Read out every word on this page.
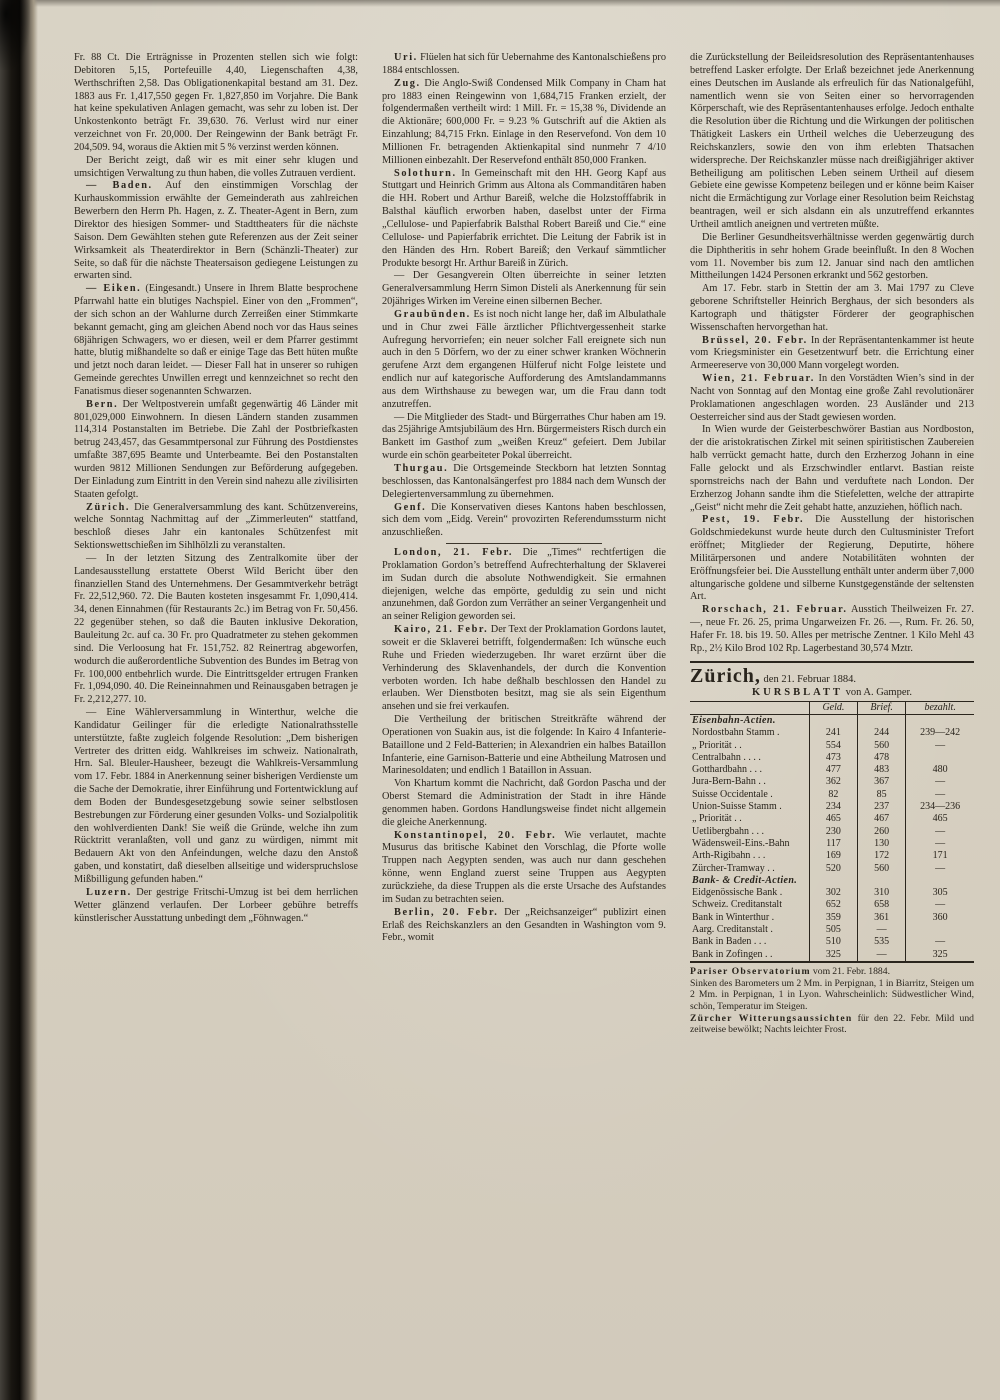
Fr. 88 Ct. Die Erträgnisse in Prozenten stellen sich wie folgt: Debitoren 5,15, Portefeuille 4,40, Liegenschaften 4,38, Werthschriften 2,58. Das Obligationenkapital bestand am 31. Dez. 1883 aus Fr. 1,417,550 gegen Fr. 1,827,850 im Vorjahre. Die Bank hat keine spekulativen Anlagen gemacht, was sehr zu loben ist. Der Unkostenkonto beträgt Fr. 39,630. 76. Verlust wird nur einer verzeichnet von Fr. 20,000. Der Reingewinn der Bank beträgt Fr. 204,509. 94, woraus die Aktien mit 5 % verzinst werden können.

Der Bericht zeigt, daß wir es mit einer sehr klugen und umsichtigen Verwaltung zu thun haben, die volles Zutrauen verdient.

— Baden. Auf den einstimmigen Vorschlag der Kurhauskommission erwählte der Gemeinderath aus zahlreichen Bewerbern den Herrn Ph. Hagen, z. Z. Theater-Agent in Bern, zum Direktor des hiesigen Sommer- und Stadttheaters für die nächste Saison. Dem Gewählten stehen gute Referenzen aus der Zeit seiner Wirksamkeit als Theaterdirektor in Bern (Schänzli-Theater) zur Seite, so daß für die nächste Theatersaison gediegene Leistungen zu erwarten sind.

— Eiken. (Eingesandt.) Unsere in Ihrem Blatte besprochene Pfarrwahl hatte ein blutiges Nachspiel. Einer von den „Frommen“, der sich schon an der Wahlurne durch Zerreißen einer Stimmkarte bekannt gemacht, ging am gleichen Abend noch vor das Haus seines 68jährigen Schwagers, wo er diesen, weil er dem Pfarrer gestimmt hatte, blutig mißhandelte so daß er einige Tage das Bett hüten mußte und jetzt noch daran leidet. — Dieser Fall hat in unserer so ruhigen Gemeinde gerechtes Unwillen erregt und kennzeichnet so recht den Fanatismus dieser sogenannten Schwarzen.

Bern. Der Weltpostverein umfaßt gegenwärtig 46 Länder mit 801,029,000 Einwohnern. In diesen Ländern standen zusammen 114,314 Postanstalten im Betriebe. Die Zahl der Postbriefkasten betrug 243,457, das Gesammtpersonal zur Führung des Postdienstes umfaßte 387,695 Beamte und Unterbeamte. Bei den Postanstalten wurden 9812 Millionen Sendungen zur Beförderung aufgegeben. Der Einladung zum Eintritt in den Verein sind nahezu alle zivilisirten Staaten gefolgt.

Zürich. Die Generalversammlung des kant. Schützenvereins, welche Sonntag Nachmittag auf der „Zimmerleuten“ stattfand, beschloß dieses Jahr ein kantonales Schützenfest mit Sektionswettschießen im Sihlhölzli zu veranstalten.

— In der letzten Sitzung des Zentralkomite über der Landesausstellung erstattete Oberst Wild Bericht über den finanziellen Stand des Unternehmens. Der Gesammtverkehr beträgt Fr. 22,512,960. 72. Die Bauten kosteten insgesammt Fr. 1,090,414. 34, denen Einnahmen (für Restaurants 2c.) im Betrag von Fr. 50,456. 22 gegenüber stehen, so daß die Bauten inklusive Dekoration, Bauleitung 2c. auf ca. 30 Fr. pro Quadratmeter zu stehen gekommen sind. Die Verloosung hat Fr. 151,752. 82 Reinertrag abgeworfen, wodurch die außerordentliche Subvention des Bundes im Betrag von Fr. 100,000 entbehrlich wurde. Die Eintrittsgelder ertrugen Franken Fr. 1,094,090. 40. Die Reineinnahmen und Reinausgaben betragen je Fr. 2,212,277. 10.

— Eine Wählerversammlung in Winterthur, welche die Kandidatur Geilinger für die erledigte Nationalrathsstelle unterstützte, faßte zugleich folgende Resolution: „Dem bisherigen Vertreter des dritten eidg. Wahlkreises im schweiz. Nationalrath, Hrn. Sal. Bleuler-Hausheer, bezeugt die Wahlkreis-Versammlung vom 17. Febr. 1884 in Anerkennung seiner bisherigen Verdienste um die Sache der Demokratie, ihrer Einführung und Fortentwicklung auf dem Boden der Bundesgesetzgebung sowie seiner selbstlosen Bestrebungen zur Förderung einer gesunden Volks- und Sozialpolitik den wohlverdienten Dank! Sie weiß die Gründe, welche ihn zum Rücktritt veranlaßten, voll und ganz zu würdigen, nimmt mit Bedauern Akt von den Anfeindungen, welche dazu den Anstoß gaben, und konstatirt, daß dieselben allseitige und widerspruchslose Mißbilligung gefunden haben.“

Luzern. Der gestrige Fritschi-Umzug ist bei dem herrlichen Wetter glänzend verlaufen. Der Lorbeer gebühre betreffs künstlerischer Ausstattung unbedingt dem „Föhnwagen.“

Uri. Flüelen hat sich für Uebernahme des Kantonalschießens pro 1884 entschlossen.

Zug. Die Anglo-Swiß Condensed Milk Company in Cham hat pro 1883 einen Reingewinn von 1,684,715 Franken erzielt, der folgendermaßen vertheilt wird: 1 Mill. Fr. = 15,38 %, Dividende an die Aktionäre; 600,000 Fr. = 9.23 % Gutschrift auf die Aktien als Einzahlung; 84,715 Frkn. Einlage in den Reservefond. Von dem 10 Millionen Fr. betragenden Aktienkapital sind nunmehr 7 4/10 Millionen einbezahlt. Der Reservefond enthält 850,000 Franken.

Solothurn. In Gemeinschaft mit den HH. Georg Kapf aus Stuttgart und Heinrich Grimm aus Altona als Commanditären haben die HH. Robert und Arthur Bareiß, welche die Holzstofffabrik in Balsthal käuflich erworben haben, daselbst unter der Firma „Cellulose- und Papierfabrik Balsthal Robert Bareiß und Cie.“ eine Cellulose- und Papierfabrik errichtet. Die Leitung der Fabrik ist in den Händen des Hrn. Robert Bareiß; den Verkauf sämmtlicher Produkte besorgt Hr. Arthur Bareiß in Zürich.

— Der Gesangverein Olten überreichte in seiner letzten Generalversammlung Herrn Simon Disteli als Anerkennung für sein 20jähriges Wirken im Vereine einen silbernen Becher.

Graubünden. Es ist noch nicht lange her, daß im Albulathale und in Chur zwei Fälle ärztlicher Pflichtvergessenheit starke Aufregung hervorriefen; ein neuer solcher Fall ereignete sich nun auch in den 5 Dörfern, wo der zu einer schwer kranken Wöchnerin gerufene Arzt dem ergangenen Hülferuf nicht Folge leistete und endlich nur auf kategorische Aufforderung des Amtslandammanns aus dem Wirthshause zu bewegen war, um die Frau dann todt anzutreffen.

— Die Mitglieder des Stadt- und Bürgerrathes Chur haben am 19. das 25jährige Amtsjubiläum des Hrn. Bürgermeisters Risch durch ein Bankett im Gasthof zum „weißen Kreuz“ gefeiert. Dem Jubilar wurde ein schön gearbeiteter Pokal überreicht.

Thurgau. Die Ortsgemeinde Steckborn hat letzten Sonntag beschlossen, das Kantonalsängerfest pro 1884 nach dem Wunsch der Delegiertenversammlung zu übernehmen.

Genf. Die Konservativen dieses Kantons haben beschlossen, sich dem vom „Eidg. Verein“ provozirten Referendumssturm nicht anzuschließen.

London, 21. Febr. Die „Times“ rechtfertigen die Proklamation Gordon’s betreffend Aufrechterhaltung der Sklaverei im Sudan durch die absolute Nothwendigkeit. Sie ermahnen diejenigen, welche das empörte, geduldig zu sein und nicht anzunehmen, daß Gordon zum Verräther an seiner Vergangenheit und an seiner Religion geworden sei.

Kairo, 21. Febr. Der Text der Proklamation Gordons lautet, soweit er die Sklaverei betrifft, folgendermaßen: Ich wünsche euch Ruhe und Frieden wiederzugeben. Ihr waret erzürnt über die Verhinderung des Sklavenhandels, der durch die Konvention verboten worden. Ich habe deßhalb beschlossen den Handel zu erlauben. Wer Dienstboten besitzt, mag sie als sein Eigenthum ansehen und sie frei verkaufen.

Die Vertheilung der britischen Streitkräfte während der Operationen von Suakin aus, ist die folgende: In Kairo 4 Infanterie-Bataillone und 2 Feld-Batterien; in Alexandrien ein halbes Bataillon Infanterie, eine Garnison-Batterie und eine Abtheilung Matrosen und Marinesoldaten; und endlich 1 Bataillon in Assuan.

Von Khartum kommt die Nachricht, daß Gordon Pascha und der Oberst Stemard die Administration der Stadt in ihre Hände genommen haben. Gordons Handlungsweise findet nicht allgemein die gleiche Anerkennung.

Konstantinopel, 20. Febr. Wie verlautet, machte Musurus das britische Kabinet den Vorschlag, die Pforte wolle Truppen nach Aegypten senden, was auch nur dann geschehen könne, wenn England zuerst seine Truppen aus Aegypten zurückziehe, da diese Truppen als die erste Ursache des Aufstandes im Sudan zu betrachten seien.

Berlin, 20. Febr. Der „Reichsanzeiger“ publizirt einen Erlaß des Reichskanzlers an den Gesandten in Washington vom 9. Febr., womit

die Zurückstellung der Beileidsresolution des Repräsentantenhauses betreffend Lasker erfolgte. Der Erlaß bezeichnet jede Anerkennung eines Deutschen im Auslande als erfreulich für das Nationalgefühl, namentlich wenn sie von Seiten einer so hervorragenden Körperschaft, wie des Repräsentantenhauses erfolge. Jedoch enthalte die Resolution über die Richtung und die Wirkungen der politischen Thätigkeit Laskers ein Urtheil welches die Ueberzeugung des Reichskanzlers, sowie den von ihm erlebten Thatsachen widerspreche. Der Reichskanzler müsse nach dreißigjähriger aktiver Betheiligung am politischen Leben seinem Urtheil auf diesem Gebiete eine gewisse Kompetenz beilegen und er könne beim Kaiser nicht die Ermächtigung zur Vorlage einer Resolution beim Reichstag beantragen, weil er sich alsdann ein als unzutreffend erkanntes Urtheil amtlich aneignen und vertreten müßte.

Die Berliner Gesundheitsverhältnisse werden gegenwärtig durch die Diphtheritis in sehr hohem Grade beeinflußt. In den 8 Wochen vom 11. November bis zum 12. Januar sind nach den amtlichen Mittheilungen 1424 Personen erkrankt und 562 gestorben.

Am 17. Febr. starb in Stettin der am 3. Mai 1797 zu Cleve geborene Schriftsteller Heinrich Berghaus, der sich besonders als Kartograph und thätigster Förderer der geographischen Wissenschaften hervorgethan hat.

Brüssel, 20. Febr. In der Repräsentantenkammer ist heute vom Kriegsminister ein Gesetzentwurf betr. die Errichtung einer Armeereserve von 30,000 Mann vorgelegt worden.

Wien, 21. Februar. In den Vorstädten Wien’s sind in der Nacht von Sonntag auf den Montag eine große Zahl revolutionärer Proklamationen angeschlagen worden. 23 Ausländer und 213 Oesterreicher sind aus der Stadt gewiesen worden.

In Wien wurde der Geisterbeschwörer Bastian aus Nordboston, der die aristokratischen Zirkel mit seinen spiritistischen Zaubereien halb verrückt gemacht hatte, durch den Erzherzog Johann in eine Falle gelockt und als Erzschwindler entlarvt. Bastian reiste spornstreichs nach der Bahn und verduftete nach London. Der Erzherzog Johann sandte ihm die Stiefeletten, welche der attrapirte „Geist“ nicht mehr die Zeit gehabt hatte, anzuziehen, höflich nach.

Pest, 19. Febr. Die Ausstellung der historischen Goldschmiedekunst wurde heute durch den Cultusminister Trefort eröffnet; Mitglieder der Regierung, Deputirte, höhere Militärpersonen und andere Notabilitäten wohnten der Eröffnungsfeier bei. Die Ausstellung enthält unter anderm über 7,000 altungarische goldene und silberne Kunstgegenstände der seltensten Art.

Rorschach, 21. Februar. Ausstich Theilweizen Fr. 27. —, neue Fr. 26. 25, prima Ungarweizen Fr. 26. —, Rum. Fr. 26. 50, Hafer Fr. 18. bis 19. 50. Alles per metrische Zentner. 1 Kilo Mehl 43 Rp., 2½ Kilo Brod 102 Rp. Lagerbestand 30,574 Mztr.

Zürich, den 21. Februar 1884.
KURSBLATT von A. Gamper.
	Geld.	Brief.	bezahlt.
Eisenbahn-Actien.			
Nordostbahn Stamm .	241	244	239—242
„ Priorität . .	554	560	—
Centralbahn . . . .	473	478	
Gotthardbahn . . .	477	483	480
Jura-Bern-Bahn . .	362	367	—
Suisse Occidentale .	82	85	—
Union-Suisse Stamm .	234	237	234—236
„ Priorität . .	465	467	465
Uetlibergbahn . . .	230	260	—
Wädensweil-Eins.-Bahn	117	130	—
Arth-Rigibahn . . .	169	172	171
Zürcher-Tramway . .	520	560	—
Bank- & Credit-Actien.			
Eidgenössische Bank .	302	310	305
Schweiz. Creditanstalt	652	658	—
Bank in Winterthur .	359	361	360
Aarg. Creditanstalt .	505	—	
Bank in Baden . . .	510	535	—
Bank in Zofingen . .	325	—	325

Pariser Observatorium vom 21. Febr. 1884.

Sinken des Barometers um 2 Mm. in Perpignan, 1 in Biarritz, Steigen um 2 Mm. in Perpignan, 1 in Lyon. Wahrscheinlich: Südwestlicher Wind, schön, Temperatur im Steigen.

Zürcher Witterungsaussichten für den 22. Febr. Mild und zeitweise bewölkt; Nachts leichter Frost.
